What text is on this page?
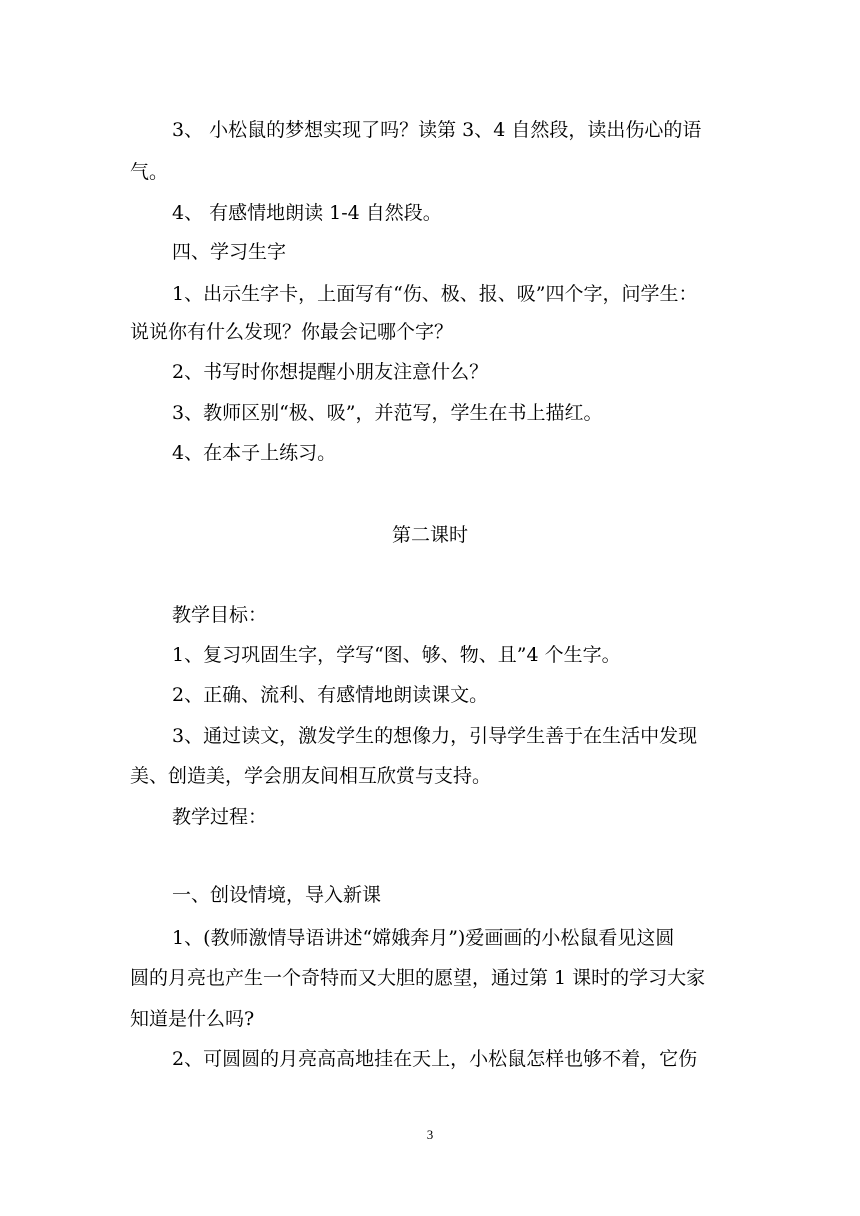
3、 小松鼠的梦想实现了吗？读第 3、4 自然段，读出伤心的语

气。

4、 有感情地朗读 1-4 自然段。

四、学习生字

1、出示生字卡，上面写有“伤、极、报、吸”四个字，问学生：

说说你有什么发现？你最会记哪个字？

2、书写时你想提醒小朋友注意什么？

3、教师区别“极、吸”，并范写，学生在书上描红。

4、在本子上练习。

第二课时

教学目标：

1、复习巩固生字，学写“图、够、物、且”4 个生字。

2、正确、流利、有感情地朗读课文。

3、通过读文，激发学生的想像力，引导学生善于在生活中发现

美、创造美，学会朋友间相互欣赏与支持。

教学过程：

一、创设情境，导入新课

1、(教师激情导语讲述“嫦娥奔月”)爱画画的小松鼠看见这圆

圆的月亮也产生一个奇特而又大胆的愿望，通过第 1 课时的学习大家

知道是什么吗?

2、可圆圆的月亮高高地挂在天上，小松鼠怎样也够不着，它伤

3
